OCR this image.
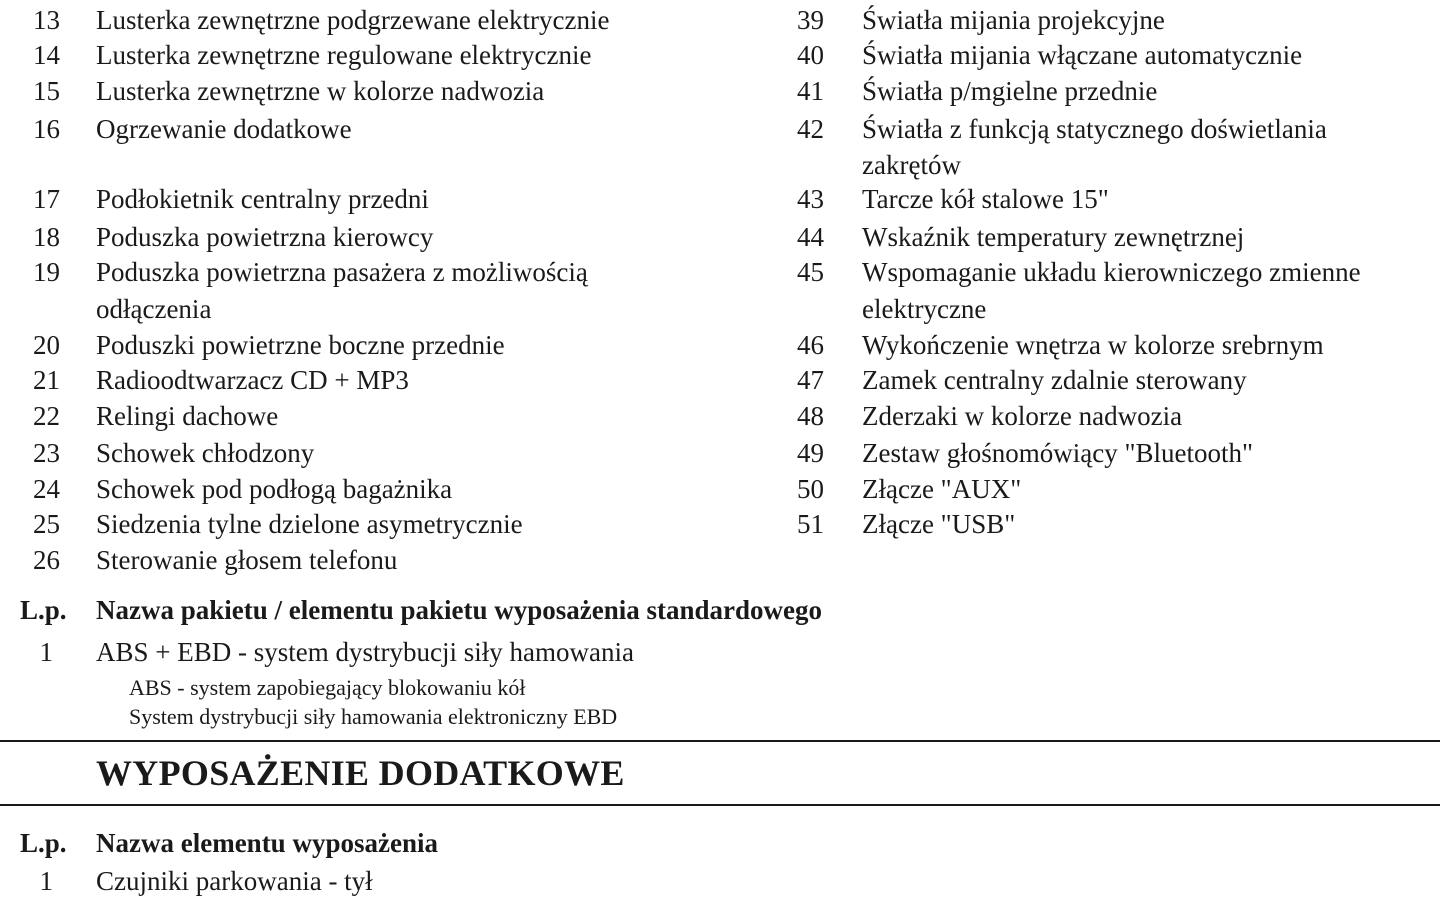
13 Lusterka zewnętrzne podgrzewane elektrycznie
14 Lusterka zewnętrzne regulowane elektrycznie
15 Lusterka zewnętrzne w kolorze nadwozia
16 Ogrzewanie dodatkowe
17 Podłokietnik centralny przedni
18 Poduszka powietrzna kierowcy
19 Poduszka powietrzna pasażera z możliwością
odłączenia
20 Poduszki powietrzne boczne przednie
21 Radioodtwarzacz CD + MP3
22 Relingi dachowe
23 Schowek chłodzony
24 Schowek pod podłogą bagażnika
25 Siedzenia tylne dzielone asymetrycznie
26 Sterowanie głosem telefonu
39 Światła mijania projekcyjne
40 Światła mijania włączane automatycznie
41 Światła p/mgielne przednie
42 Światła z funkcją statycznego doświetlania
zakrętów
43 Tarcze kół stalowe 15"
44 Wskaźnik temperatury zewnętrznej
45 Wspomaganie układu kierowniczego zmienne
elektryczne
46 Wykończenie wnętrza w kolorze srebrnym
47 Zamek centralny zdalnie sterowany
48 Zderzaki w kolorze nadwozia
49 Zestaw głośnomówiący "Bluetooth"
50 Złącze "AUX"
51 Złącze "USB"
L.p. Nazwa pakietu / elementu pakietu wyposażenia standardowego
1 ABS + EBD - system dystrybucji siły hamowania
ABS - system zapobiegający blokowaniu kół
System dystrybucji siły hamowania elektroniczny EBD
WYPOSAŻENIE DODATKOWE
L.p. Nazwa elementu wyposażenia
1 Czujniki parkowania - tył
